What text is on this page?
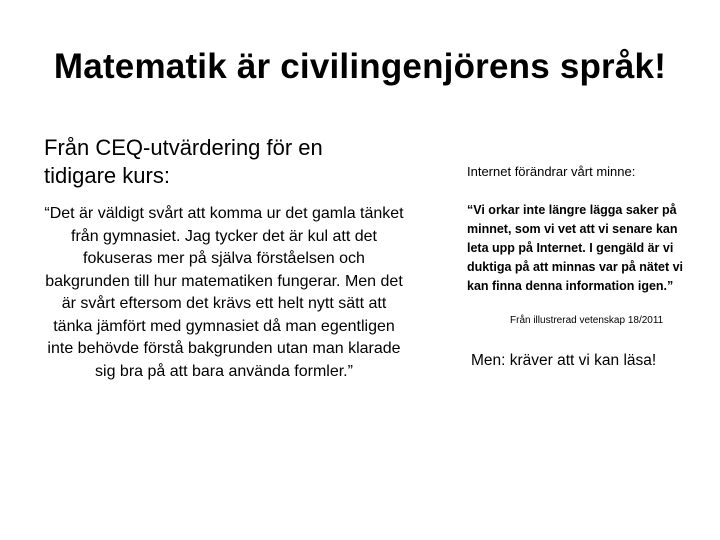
Matematik är civilingenjörens språk!
Från CEQ-utvärdering för en tidigare kurs:
“Det är väldigt svårt att komma ur det gamla tänket från gymnasiet. Jag tycker det är kul att det fokuseras mer på själva förståelsen och bakgrunden till hur matematiken fungerar. Men det är svårt eftersom det krävs ett helt nytt sätt att tänka jämfört med gymnasiet då man egentligen inte behövde förstå bakgrunden utan man klarade sig bra på att bara använda formler.”
Internet förändrar vårt minne:
“Vi orkar inte längre lägga saker på minnet, som vi vet att vi senare kan leta upp på Internet. I gengäld är vi duktiga på att minnas var på nätet vi kan finna denna information igen.”
Från illustrerad vetenskap 18/2011
Men: kräver att vi kan läsa!
